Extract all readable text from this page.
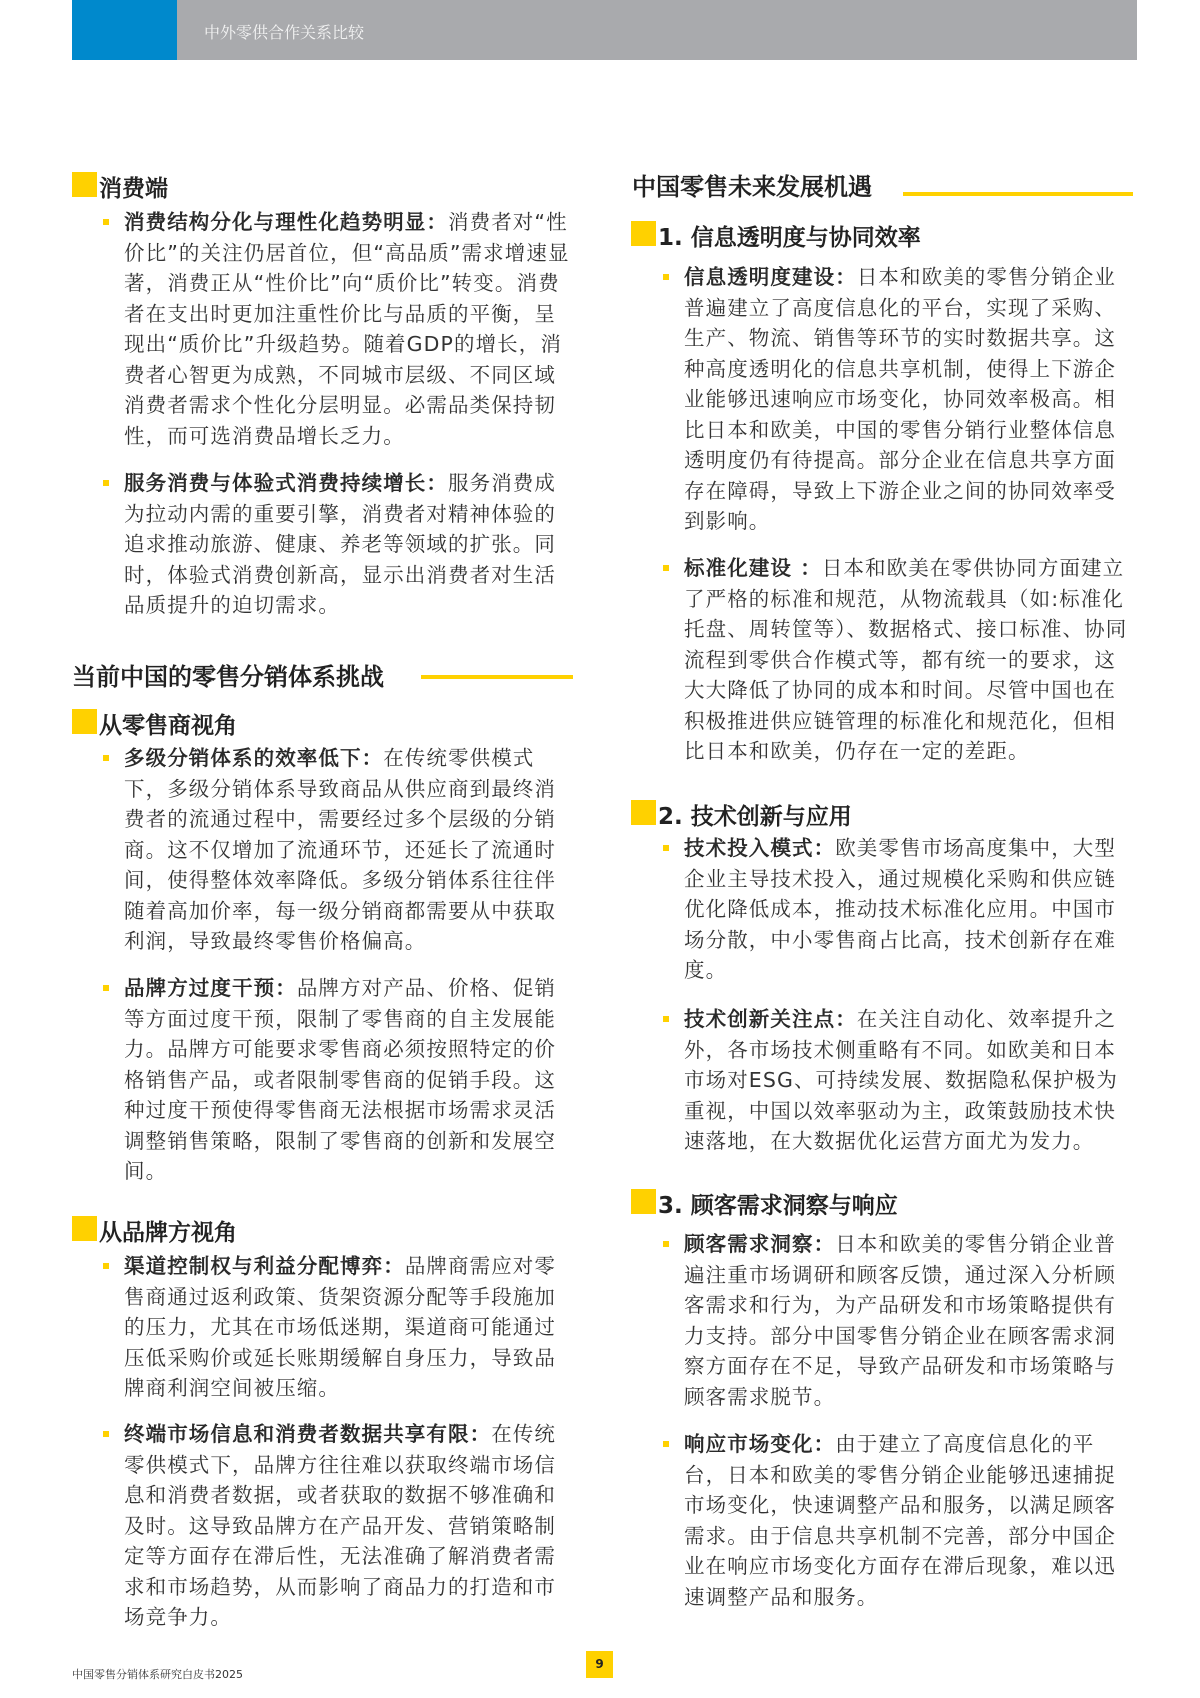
中外零供合作关系比较
消费端
消费结构分化与理性化趋势明显：消费者对“性价比”的关注仍居首位，但“高品质”需求增速显著，消费正从“性价比”向“质价比”转变。消费者在支出时更加注重性价比与品质的平衡，呈现出“质价比”升级趋势。随着GDP的增长，消费者心智更为成熟，不同城市层级、不同区域消费者需求个性化分层明显。必需品类保持韧性，而可选消费品增长乏力。
服务消费与体验式消费持续增长：服务消费成为拉动内需的重要引擎，消费者对精神体验的追求推动旅游、健康、养老等领域的扩张。同时，体验式消费创新高，显示出消费者对生活品质提升的迫切需求。
当前中国的零售分销体系挑战
从零售商视角
多级分销体系的效率低下：在传统零供模式下，多级分销体系导致商品从供应商到最终消费者的流通过程中，需要经过多个层级的分销商。这不仅增加了流通环节，还延长了流通时间，使得整体效率降低。多级分销体系往往伴随着高加价率，每一级分销商都需要从中获取利润，导致最终零售价格偏高。
品牌方过度干预：品牌方对产品、价格、促销等方面过度干预，限制了零售商的自主发展能力。品牌方可能要求零售商必须按照特定的价格销售产品，或者限制零售商的促销手段。这种过度干预使得零售商无法根据市场需求灵活调整销售策略，限制了零售商的创新和发展空间。
从品牌方视角
渠道控制权与利益分配博弈：品牌商需应对零售商通过返利政策、货架资源分配等手段施加的压力，尤其在市场低迷期，渠道商可能通过压低采购价或延长账期缓解自身压力，导致品牌商利润空间被压缩。
终端市场信息和消费者数据共享有限：在传统零供模式下，品牌方往往难以获取终端市场信息和消费者数据，或者获取的数据不够准确和及时。这导致品牌方在产品开发、营销策略制定等方面存在滞后性，无法准确了解消费者需求和市场趋势，从而影响了商品力的打造和市场竞争力。
中国零售未来发展机遇
1. 信息透明度与协同效率
信息透明度建设：日本和欧美的零售分销企业普遍建立了高度信息化的平台，实现了采购、生产、物流、销售等环节的实时数据共享。这种高度透明化的信息共享机制，使得上下游企业能够迅速响应市场变化，协同效率极高。相比日本和欧美，中国的零售分销行业整体信息透明度仍有待提高。部分企业在信息共享方面存在障碍，导致上下游企业之间的协同效率受到影响。
标准化建设 ：日本和欧美在零供协同方面建立了严格的标准和规范，从物流载具（如:标准化托盘、周转筐等）、数据格式、接口标准、协同流程到零供合作模式等，都有统一的要求，这大大降低了协同的成本和时间。尽管中国也在积极推进供应链管理的标准化和规范化，但相比日本和欧美，仍存在一定的差距。
2. 技术创新与应用
技术投入模式：欧美零售市场高度集中，大型企业主导技术投入，通过规模化采购和供应链优化降低成本，推动技术标准化应用。中国市场分散，中小零售商占比高，技术创新存在难度。
技术创新关注点：在关注自动化、效率提升之外，各市场技术侧重略有不同。如欧美和日本市场对ESG、可持续发展、数据隐私保护极为重视，中国以效率驱动为主，政策鼓励技术快速落地，在大数据优化运营方面尤为发力。
3. 顾客需求洞察与响应
顾客需求洞察：日本和欧美的零售分销企业普遍注重市场调研和顾客反馈，通过深入分析顾客需求和行为，为产品研发和市场策略提供有力支持。部分中国零售分销企业在顾客需求洞察方面存在不足，导致产品研发和市场策略与顾客需求脱节。
响应市场变化：由于建立了高度信息化的平台，日本和欧美的零售分销企业能够迅速捕捉市场变化，快速调整产品和服务，以满足顾客需求。由于信息共享机制不完善，部分中国企业在响应市场变化方面存在滞后现象，难以迅速调整产品和服务。
中国零售分销体系研究白皮书2025
9
